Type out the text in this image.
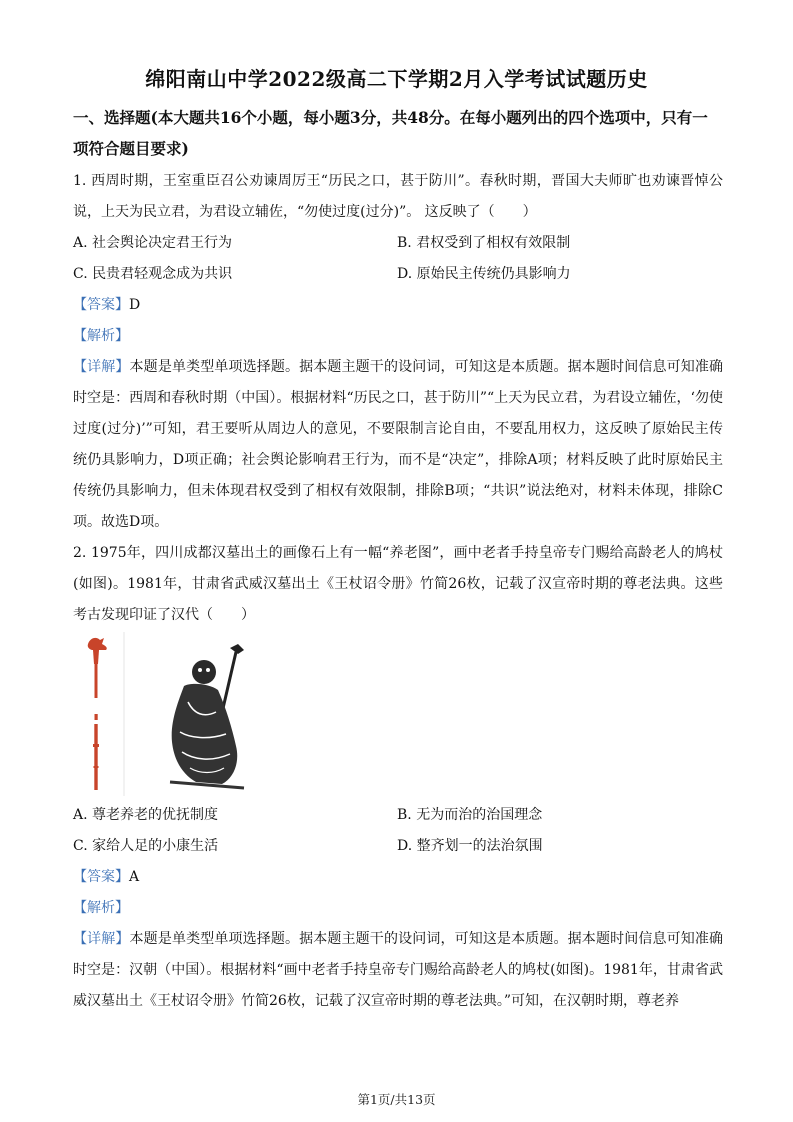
绵阳南山中学2022级高二下学期2月入学考试试题历史
一、选择题(本大题共16个小题，每小题3分，共48分。在每小题列出的四个选项中，只有一项符合题目要求)
1. 西周时期，王室重臣召公劝谏周厉王“历民之口，甚于防川”。春秋时期，晋国大夫师旷也劝谏晋悼公说，上天为民立君，为君设立辅佐，“勿使过度(过分)”。 这反映了（　　）
A. 社会舆论决定君王行为	B. 君权受到了相权有效限制
C. 民贵君轻观念成为共识	D. 原始民主传统仍具影响力
【答案】D
【解析】
【详解】本题是单类型单项选择题。据本题主题干的设问词，可知这是本质题。据本题时间信息可知准确时空是：西周和春秋时期（中国）。根据材料“历民之口，甚于防川”“上天为民立君，为君设立辅佐，‘勿使过度(过分)’”可知，君王要听从周边人的意见，不要限制言论自由，不要乱用权力，这反映了原始民主传统仍具影响力，D项正确；社会舆论影响君王行为，而不是“决定”，排除A项；材料反映了此时原始民主传统仍具影响力，但未体现君权受到了相权有效限制，排除B项；“共识”说法绝对，材料未体现，排除C项。故选D项。
2. 1975年，四川成都汉墓出土的画像石上有一幅“养老图”，画中老者手持皇帝专门赐给高龄老人的鸠杖(如图)。1981年，甘肃省武威汉墓出土《王杖诏令册》竹简26枚，记载了汉宣帝时期的尊老法典。这些考古发现印证了汉代（　　）
A. 尊老养老的优抚制度	B. 无为而治的治国理念
C. 家给人足的小康生活	D. 整齐划一的法治氛围
【答案】A
【解析】
【详解】本题是单类型单项选择题。据本题主题干的设问词，可知这是本质题。据本题时间信息可知准确时空是：汉朝（中国）。根据材料“画中老者手持皇帝专门赐给高龄老人的鸠杖(如图)。1981年，甘肃省武威汉墓出土《王杖诏令册》竹简26枚，记载了汉宣帝时期的尊老法典。”可知，在汉朝时期，尊老养
第1页/共13页
